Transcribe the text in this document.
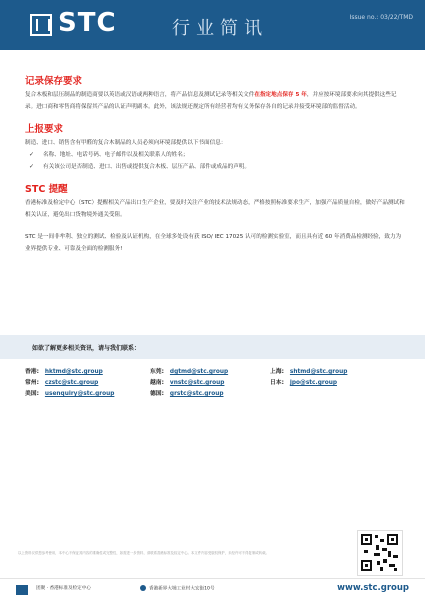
STC	行业简讯
Issue no.: 03/22/TMD
记录保存要求

复合木板和层压制品的制造商要以英语或汉语或两种语言，将产品信息及测试记录等相关文件在指定地点保存 5 年，并应按环境部要求向其提供这些记录。进口商和零售商将保留其产品的认证声明副本。此外，该法规还规定所有经营者均有义务保存各自的记录并接受环境部的监督活动。

上报要求

制造、进口、销售含有甲醛的复合木制品的人员必须向环境部提供以下书面信息：

✓ 名称、地址、电话号码、电子邮件以及相关联系人的姓名；

✓ 有关该公司是否制造、进口、出售或提供复合木板、层压产品、部件或成品的声明。

STC 提醒

香港标准及检定中心（STC）提醒相关产品出口生产企业，要及时关注产业的技术法规动态，严格按照标准要求生产，加强产品质量自检，做好产品测试和相关认证，避免出口货物境外通关受阻。

STC 是一间非牟利、独立的测试、检验及认证机构，在全球多处设有获 ISO/ IEC 17025 认可的检测实验室，而且具有近 60 年消费品检测经验，致力为业界提供专业、可靠及全面的检测服务!

如欲了解更多相关资讯，请与我们联系：
香港: hktmd@stc.group	东莞: dgtmd@stc.group	上海: shtmd@stc.group
常州: czstc@stc.group	越南: vnstc@stc.group	日本: jpo@stc.group
美国: usenquiry@stc.group	德国: grstc@stc.group
以上资料仅供您参考使用，本中心不保证其内容的准确性或完整性，如需进一步资料，请联系香港标准及检定中心。本文件内容受版权保护，未经许可不得复制或转载。
团聚 · 香港标准及检定中心	香港新界大埔工业村大宏街10号	www.stc.group
